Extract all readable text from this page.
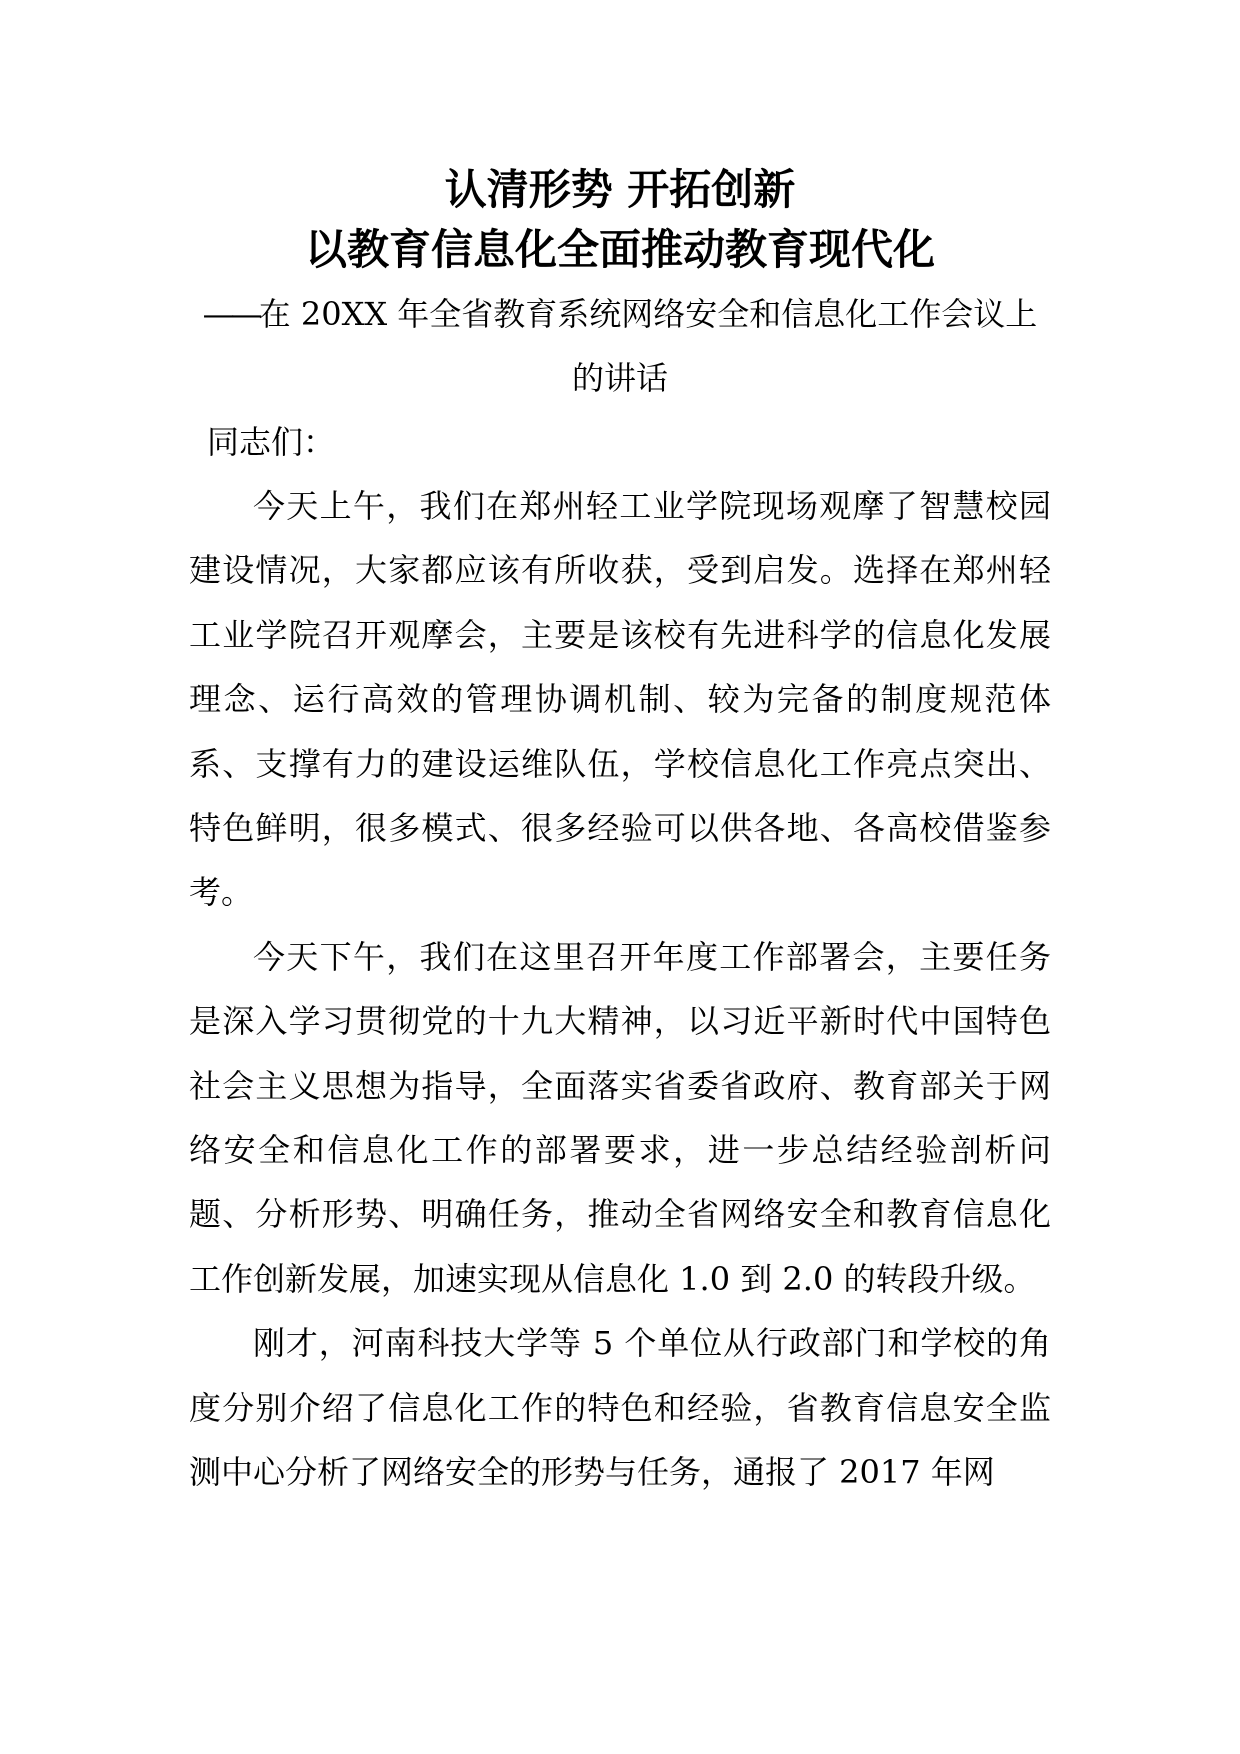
认清形势 开拓创新
以教育信息化全面推动教育现代化

——在 20XX 年全省教育系统网络安全和信息化工作会议上的讲话

同志们：

今天上午，我们在郑州轻工业学院现场观摩了智慧校园建设情况，大家都应该有所收获，受到启发。选择在郑州轻工业学院召开观摩会，主要是该校有先进科学的信息化发展理念、运行高效的管理协调机制、较为完备的制度规范体系、支撑有力的建设运维队伍，学校信息化工作亮点突出、特色鲜明，很多模式、很多经验可以供各地、各高校借鉴参考。

今天下午，我们在这里召开年度工作部署会，主要任务是深入学习贯彻党的十九大精神，以习近平新时代中国特色社会主义思想为指导，全面落实省委省政府、教育部关于网络安全和信息化工作的部署要求，进一步总结经验剖析问题、分析形势、明确任务，推动全省网络安全和教育信息化工作创新发展，加速实现从信息化 1.0 到 2.0 的转段升级。

刚才，河南科技大学等 5 个单位从行政部门和学校的角度分别介绍了信息化工作的特色和经验，省教育信息安全监测中心分析了网络安全的形势与任务，通报了 2017 年网
